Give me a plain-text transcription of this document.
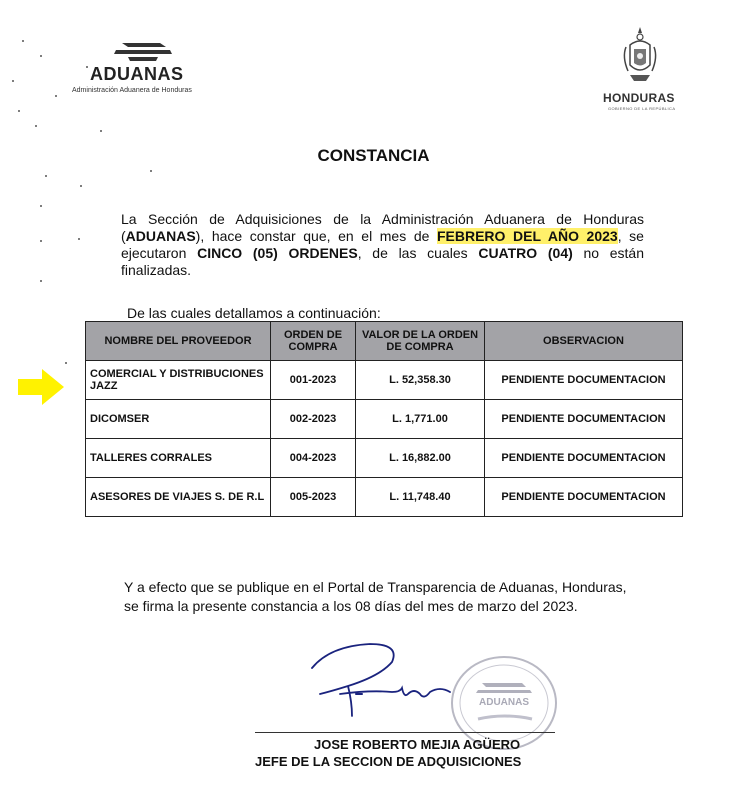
ADUANAS
Administración Aduanera de Honduras
HONDURAS
GOBIERNO DE LA REPÚBLICA
CONSTANCIA
La Sección de Adquisiciones de la Administración Aduanera de Honduras (ADUANAS), hace constar que, en el mes de FEBRERO DEL AÑO 2023, se ejecutaron CINCO (05) ORDENES, de las cuales CUATRO (04) no están finalizadas.
De las cuales detallamos a continuación:
NOMBRE DEL PROVEEDOR	ORDEN DE COMPRA	VALOR DE LA ORDEN DE COMPRA	OBSERVACION
COMERCIAL Y DISTRIBUCIONES JAZZ	001-2023	L. 52,358.30	PENDIENTE DOCUMENTACION
DICOMSER	002-2023	L. 1,771.00	PENDIENTE DOCUMENTACION
TALLERES CORRALES	004-2023	L. 16,882.00	PENDIENTE DOCUMENTACION
ASESORES DE VIAJES S. DE R.L	005-2023	L. 11,748.40	PENDIENTE DOCUMENTACION
Y a efecto que se publique en el Portal de Transparencia de Aduanas, Honduras,
se firma la presente constancia a los 08 días del mes de marzo del 2023.
ADUANAS
JOSE ROBERTO MEJIA AGÜERO
JEFE DE LA SECCION DE ADQUISICIONES
